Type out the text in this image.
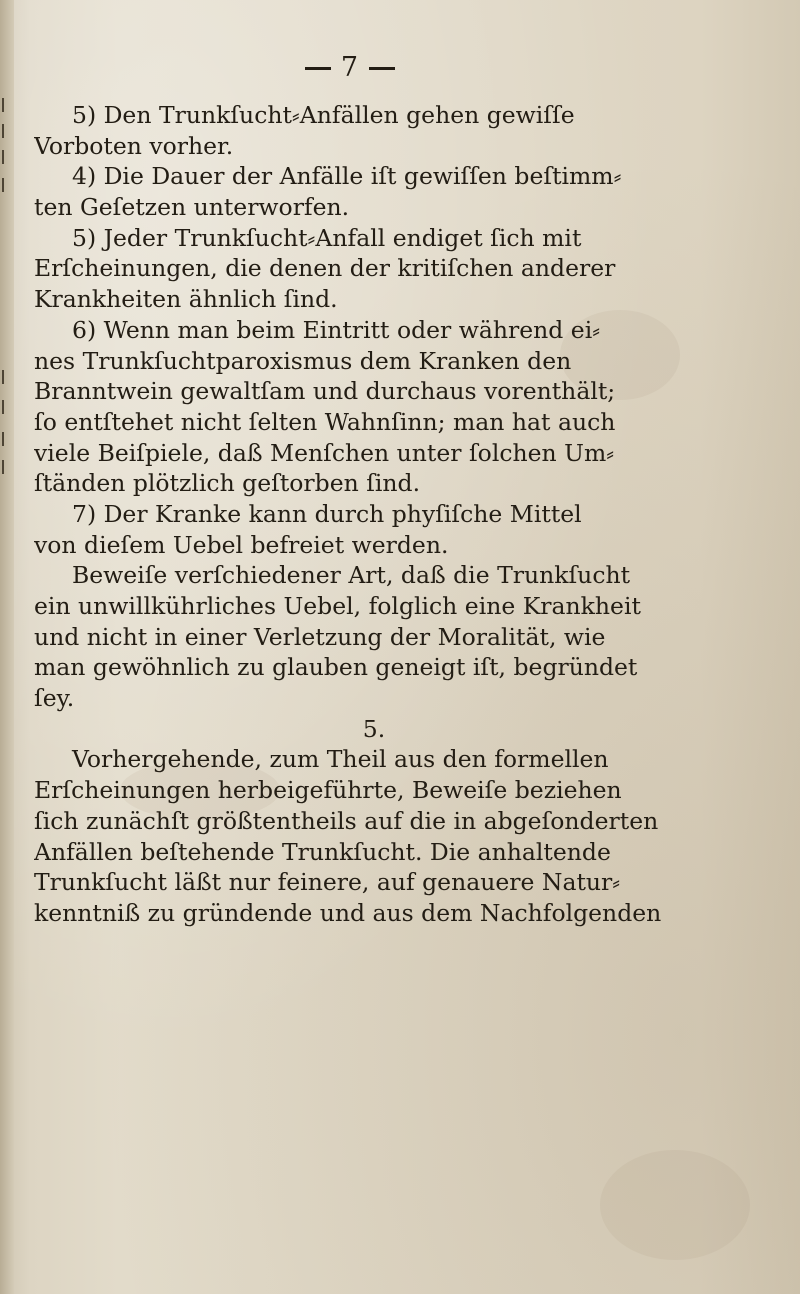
7
5) Den Trunkſucht⸗Anfällen gehen gewiſſe
Vorboten vorher.
4) Die Dauer der Anfälle iſt gewiſſen beſtimm⸗
ten Geſetzen unterworfen.
5) Jeder Trunkſucht⸗Anfall endiget ſich mit
Erſcheinungen, die denen der kritiſchen anderer
Krankheiten ähnlich ſind.
6) Wenn man beim Eintritt oder während ei⸗
nes Trunkſuchtparoxismus dem Kranken den
Branntwein gewaltſam und durchaus vorenthält;
ſo entſtehet nicht ſelten Wahnſinn; man hat auch
viele Beiſpiele, daß Menſchen unter ſolchen Um⸗
ſtänden plötzlich geſtorben ſind.
7) Der Kranke kann durch phyſiſche Mittel
von dieſem Uebel befreiet werden.
Beweiſe verſchiedener Art, daß die Trunkſucht
ein unwillkührliches Uebel, folglich eine Krankheit
und nicht in einer Verletzung der Moralität, wie
man gewöhnlich zu glauben geneigt iſt, begründet
ſey.
5.
Vorhergehende, zum Theil aus den formellen
Erſcheinungen herbeigeführte, Beweiſe beziehen
ſich zunächſt größtentheils auf die in abgeſonderten
Anfällen beſtehende Trunkſucht. Die anhaltende
Trunkſucht läßt nur feinere, auf genauere Natur⸗
kenntniß zu gründende und aus dem Nachfolgenden
